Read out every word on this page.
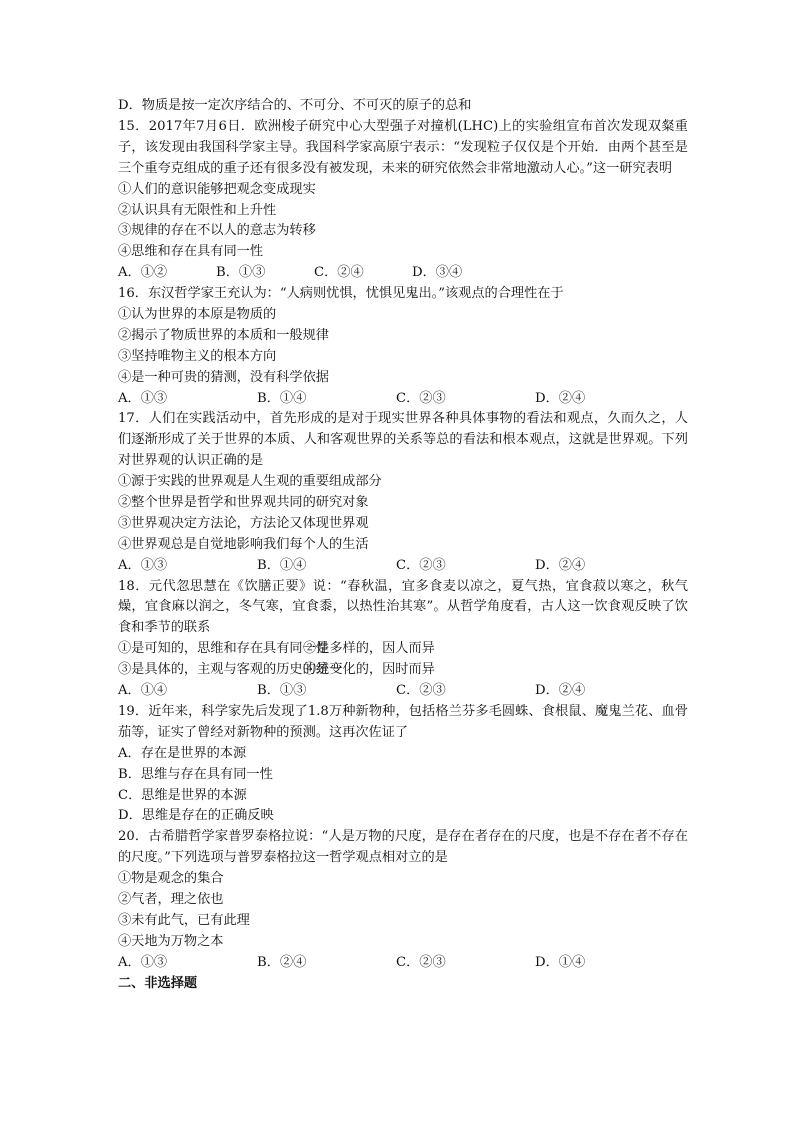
D．物质是按一定次序结合的、不可分、不可灭的原子的总和
15．2017年7月6日．欧洲梭子研究中心大型强子对撞机(LHC)上的实验组宣布首次发现双粲重子，该发现由我国科学家主导。我国科学家高原宁表示：“发现粒子仅仅是个开始．由两个甚至是三个重夸克组成的重子还有很多没有被发现，未来的研究依然会非常地激动人心。”这一研究表明
①人们的意识能够把观念变成现实
②认识具有无限性和上升性
③规律的存在不以人的意志为转移
④思维和存在具有同一性
A．①②	B．①③	C．②④	D．③④
16．东汉哲学家王充认为：“人病则忧惧，忧惧见鬼出。”该观点的合理性在于
①认为世界的本原是物质的
②揭示了物质世界的本质和一般规律
③坚持唯物主义的根本方向
④是一种可贵的猜测，没有科学依据
A．①③	B．①④	C．②③	D．②④
17．人们在实践活动中，首先形成的是对于现实世界各种具体事物的看法和观点，久而久之，人们逐渐形成了关于世界的本质、人和客观世界的关系等总的看法和根本观点，这就是世界观。下列对世界观的认识正确的是
①源于实践的世界观是人生观的重要组成部分
②整个世界是哲学和世界观共同的研究对象
③世界观决定方法论，方法论又体现世界观
④世界观总是自觉地影响我们每个人的生活
A．①③	B．①④	C．②③	D．②④
18．元代忽思慧在《饮膳正要》说：“春秋温，宜多食麦以凉之，夏气热，宜食菽以寒之，秋气燥，宜食麻以润之，冬气寒，宜食黍，以热性治其寒”。从哲学角度看，古人这一饮食观反映了饮食和季节的联系
①是可知的，思维和存在具有同一性
②是多样的，因人而异
③是具体的，主观与客观的历史的统一
④是变化的，因时而异
A．①④	B．①③	C．②③	D．②④
19．近年来，科学家先后发现了1.8万种新物种，包括格兰芬多毛圆蛛、食根鼠、魔鬼兰花、血骨茄等，证实了曾经对新物种的预测。这再次佐证了
A．存在是世界的本源
B．思维与存在具有同一性
C．思维是世界的本源
D．思维是存在的正确反映
20．古希腊哲学家普罗泰格拉说：“人是万物的尺度，是存在者存在的尺度，也是不存在者不存在的尺度。”下列选项与普罗泰格拉这一哲学观点相对立的是
①物是观念的集合
②气者，理之依也
③未有此气，已有此理
④天地为万物之本
A．①③	B．②④	C．②③	D．①④
二、非选择题
